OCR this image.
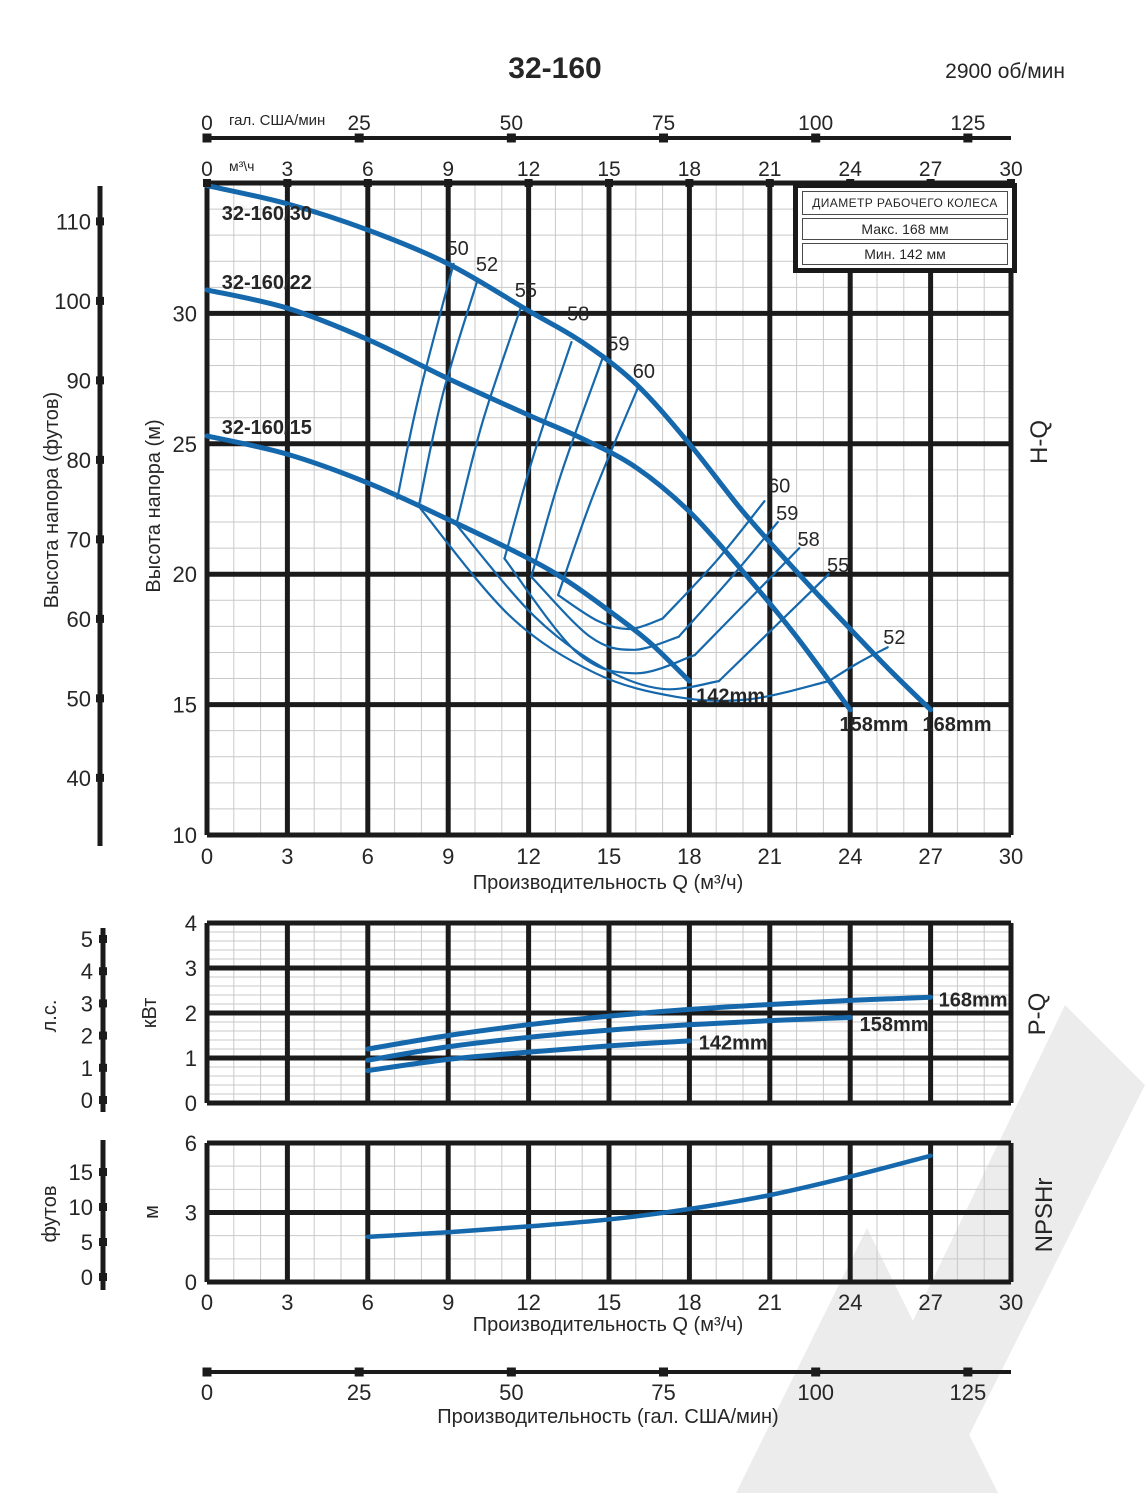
50
52
55
58
59
60
60
59
58
55
52
32-160/30
32-160/22
32-160/15
142mm
158mm 168mm
168mm
158mm
142mm
0	25	50	75	100	125
0	3	6	9	12	15	18	21	24	27	30
40
50
60
70
80
90
100
110
10
15
20
25
30
0	3	6	9	12	15	18	21	24	27	30
0
1
2
3
4
0
1
2
3
4
5
0
3
6
0
5
10
15
0	3	6	9	12	15	18	21	24	27	30
0	25	50	75	100	125
32-160	2900 об/мин
гал. США/мин
м³\ч
ДИАМЕТР РАБОЧЕГО КОЛЕСА
Макс. 168 мм
Мин. 142 мм
Высота напора (футов)	Высота напора (м)
Производительность Q (м³/ч)
кВт
л.с.
м
футов
Производительность Q (м³/ч)
Производительность (гал. США/мин)
H-Q
P-Q
NPSHr
